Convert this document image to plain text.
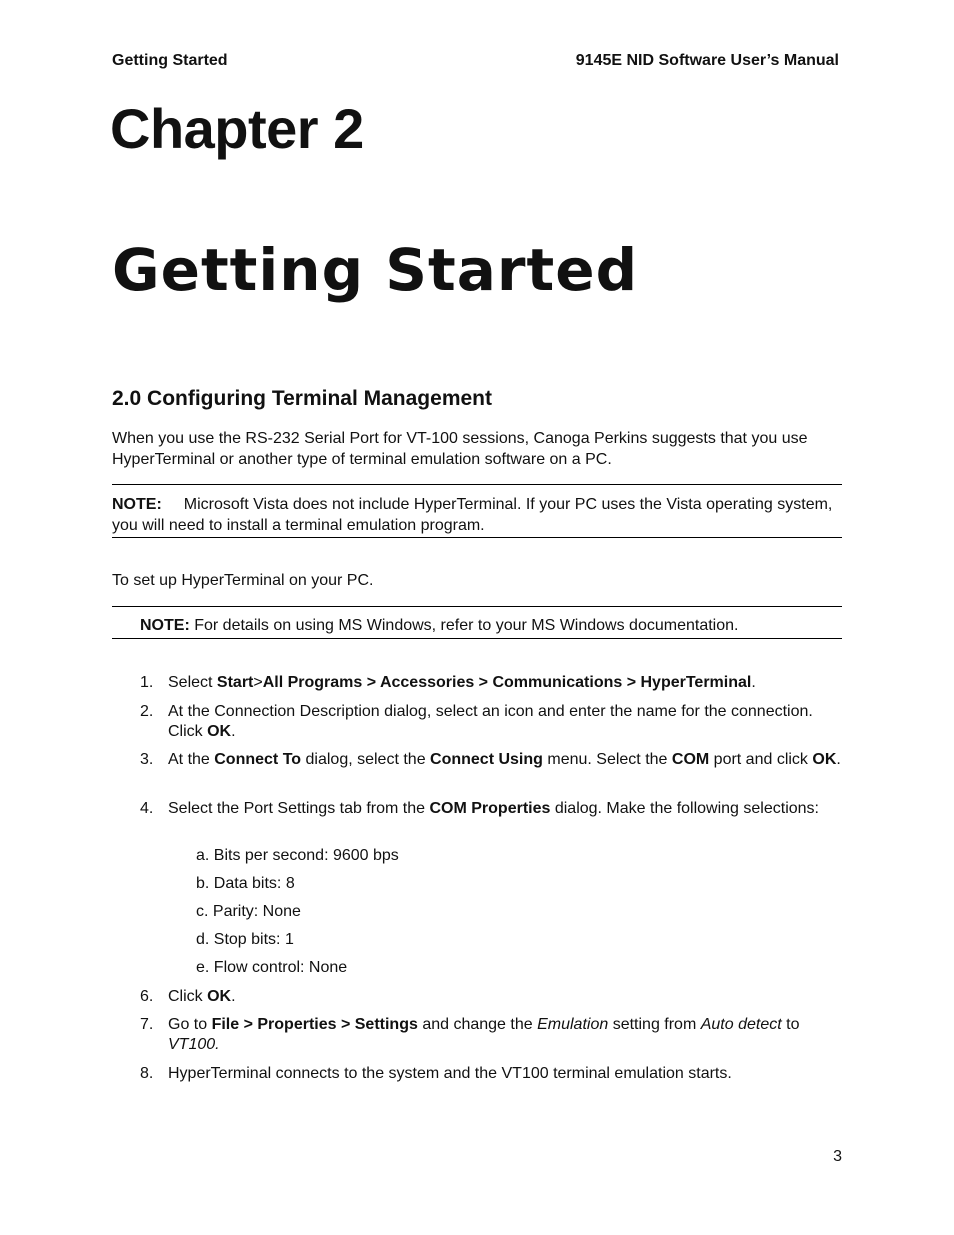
Getting Started	9145E NID Software User’s Manual
Chapter 2
Getting Started
2.0 Configuring Terminal Management
When you use the RS-232 Serial Port for VT-100 sessions, Canoga Perkins suggests that you use HyperTerminal or another type of terminal emulation software on a PC.
NOTE: Microsoft Vista does not include HyperTerminal. If your PC uses the Vista operating system, you will need to install a terminal emulation program.
To set up HyperTerminal on your PC.
NOTE: For details on using MS Windows, refer to your MS Windows documentation.
1. Select Start>All Programs > Accessories > Communications > HyperTerminal.
2. At the Connection Description dialog, select an icon and enter the name for the connection. Click OK.
3. At the Connect To dialog, select the Connect Using menu. Select the COM port and click OK.
4. Select the Port Settings tab from the COM Properties dialog. Make the following selections:
a. Bits per second: 9600 bps
b. Data bits: 8
c. Parity: None
d. Stop bits: 1
e. Flow control: None
6. Click OK.
7. Go to File > Properties > Settings and change the Emulation setting from Auto detect to VT100.
8. HyperTerminal connects to the system and the VT100 terminal emulation starts.
3
